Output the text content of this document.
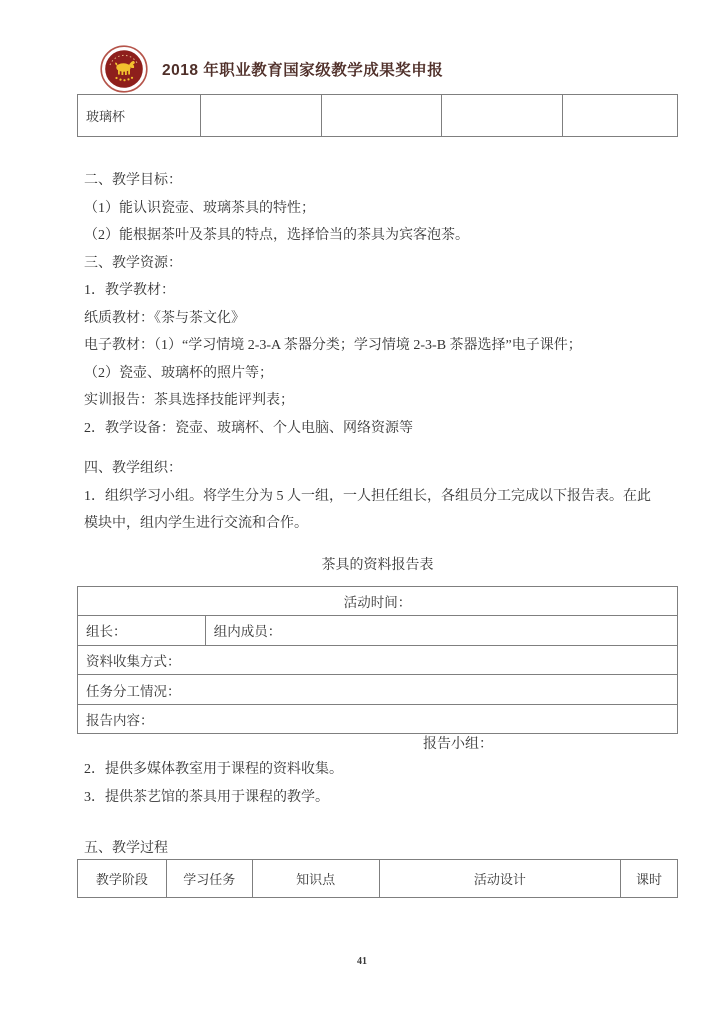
2018 年职业教育国家级教学成果奖申报
玻璃杯				
二、教学目标：
（1）能认识瓷壶、玻璃茶具的特性；
（2）能根据茶叶及茶具的特点，选择恰当的茶具为宾客泡茶。
三、教学资源：
1．教学教材：
纸质教材：《茶与茶文化》
电子教材：（1）“学习情境 2-3-A 茶器分类；学习情境 2-3-B 茶器选择”电子课件；
（2）瓷壶、玻璃杯的照片等；
实训报告：茶具选择技能评判表；
2．教学设备：瓷壶、玻璃杯、个人电脑、网络资源等
四、教学组织：
1．组织学习小组。将学生分为 5 人一组，一人担任组长，各组员分工完成以下报告表。在此
模块中，组内学生进行交流和合作。
茶具的资料报告表
活动时间：
组长：	组内成员：
资料收集方式：
任务分工情况：
报告内容：
报告小组：
2．提供多媒体教室用于课程的资料收集。
3．提供茶艺馆的茶具用于课程的教学。
五、教学过程
教学阶段	学习任务	知识点	活动设计	课时
41
